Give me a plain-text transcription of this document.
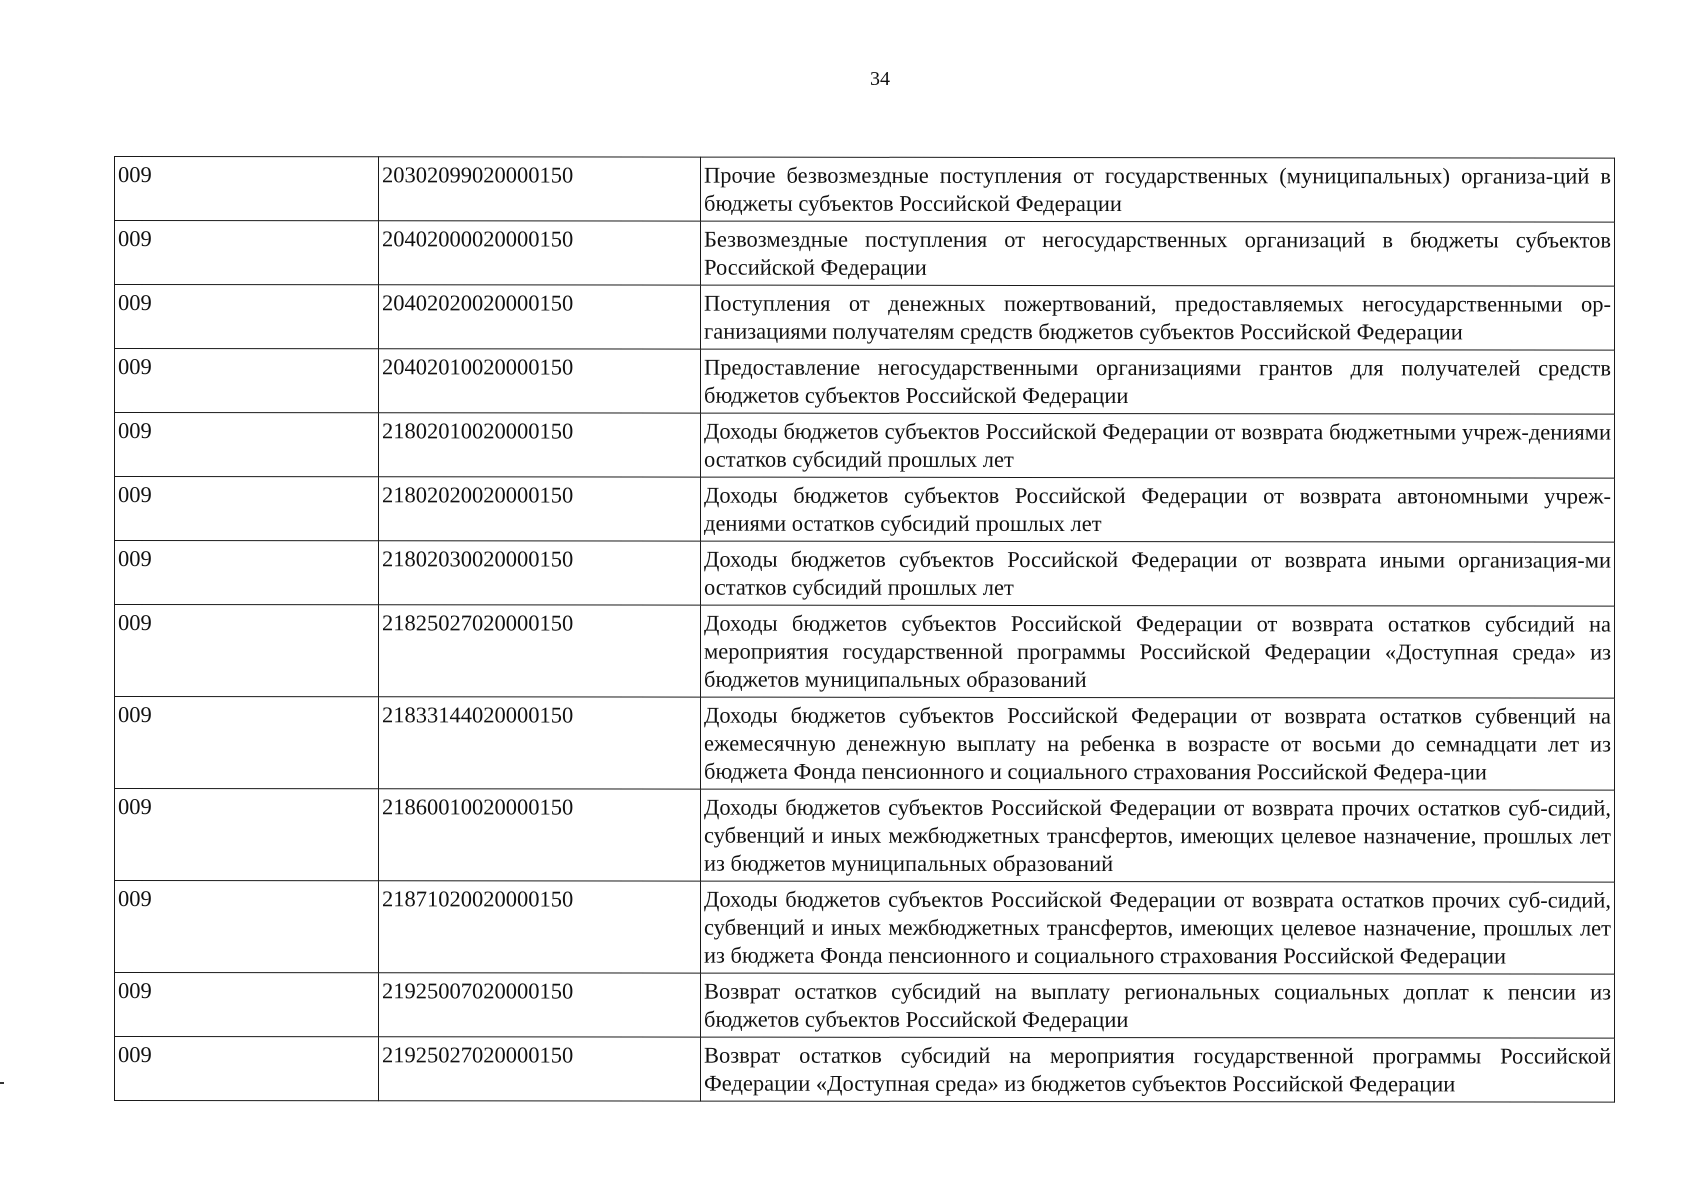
34
009	20302099020000150	Прочие безвозмездные поступления от государственных (муниципальных) организа-ций в бюджеты субъектов Российской Федерации
009	20402000020000150	Безвозмездные поступления от негосударственных организаций в бюджеты субъектов Российской Федерации
009	20402020020000150	Поступления от денежных пожертвований, предоставляемых негосударственными ор-ганизациями получателям средств бюджетов субъектов Российской Федерации
009	20402010020000150	Предоставление негосударственными организациями грантов для получателей средств бюджетов субъектов Российской Федерации
009	21802010020000150	Доходы бюджетов субъектов Российской Федерации от возврата бюджетными учреж-дениями остатков субсидий прошлых лет
009	21802020020000150	Доходы бюджетов субъектов Российской Федерации от возврата автономными учреж-дениями остатков субсидий прошлых лет
009	21802030020000150	Доходы бюджетов субъектов Российской Федерации от возврата иными организация-ми остатков субсидий прошлых лет
009	21825027020000150	Доходы бюджетов субъектов Российской Федерации от возврата остатков субсидий на мероприятия государственной программы Российской Федерации «Доступная среда» из бюджетов муниципальных образований
009	21833144020000150	Доходы бюджетов субъектов Российской Федерации от возврата остатков субвенций на ежемесячную денежную выплату на ребенка в возрасте от восьми до семнадцати лет из бюджета Фонда пенсионного и социального страхования Российской Федера-ции
009	21860010020000150	Доходы бюджетов субъектов Российской Федерации от возврата прочих остатков суб-сидий, субвенций и иных межбюджетных трансфертов, имеющих целевое назначение, прошлых лет из бюджетов муниципальных образований
009	21871020020000150	Доходы бюджетов субъектов Российской Федерации от возврата остатков прочих суб-сидий, субвенций и иных межбюджетных трансфертов, имеющих целевое назначение, прошлых лет из бюджета Фонда пенсионного и социального страхования Российской Федерации
009	21925007020000150	Возврат остатков субсидий на выплату региональных социальных доплат к пенсии из бюджетов субъектов Российской Федерации
009	21925027020000150	Возврат остатков субсидий на мероприятия государственной программы Российской Федерации «Доступная среда» из бюджетов субъектов Российской Федерации
